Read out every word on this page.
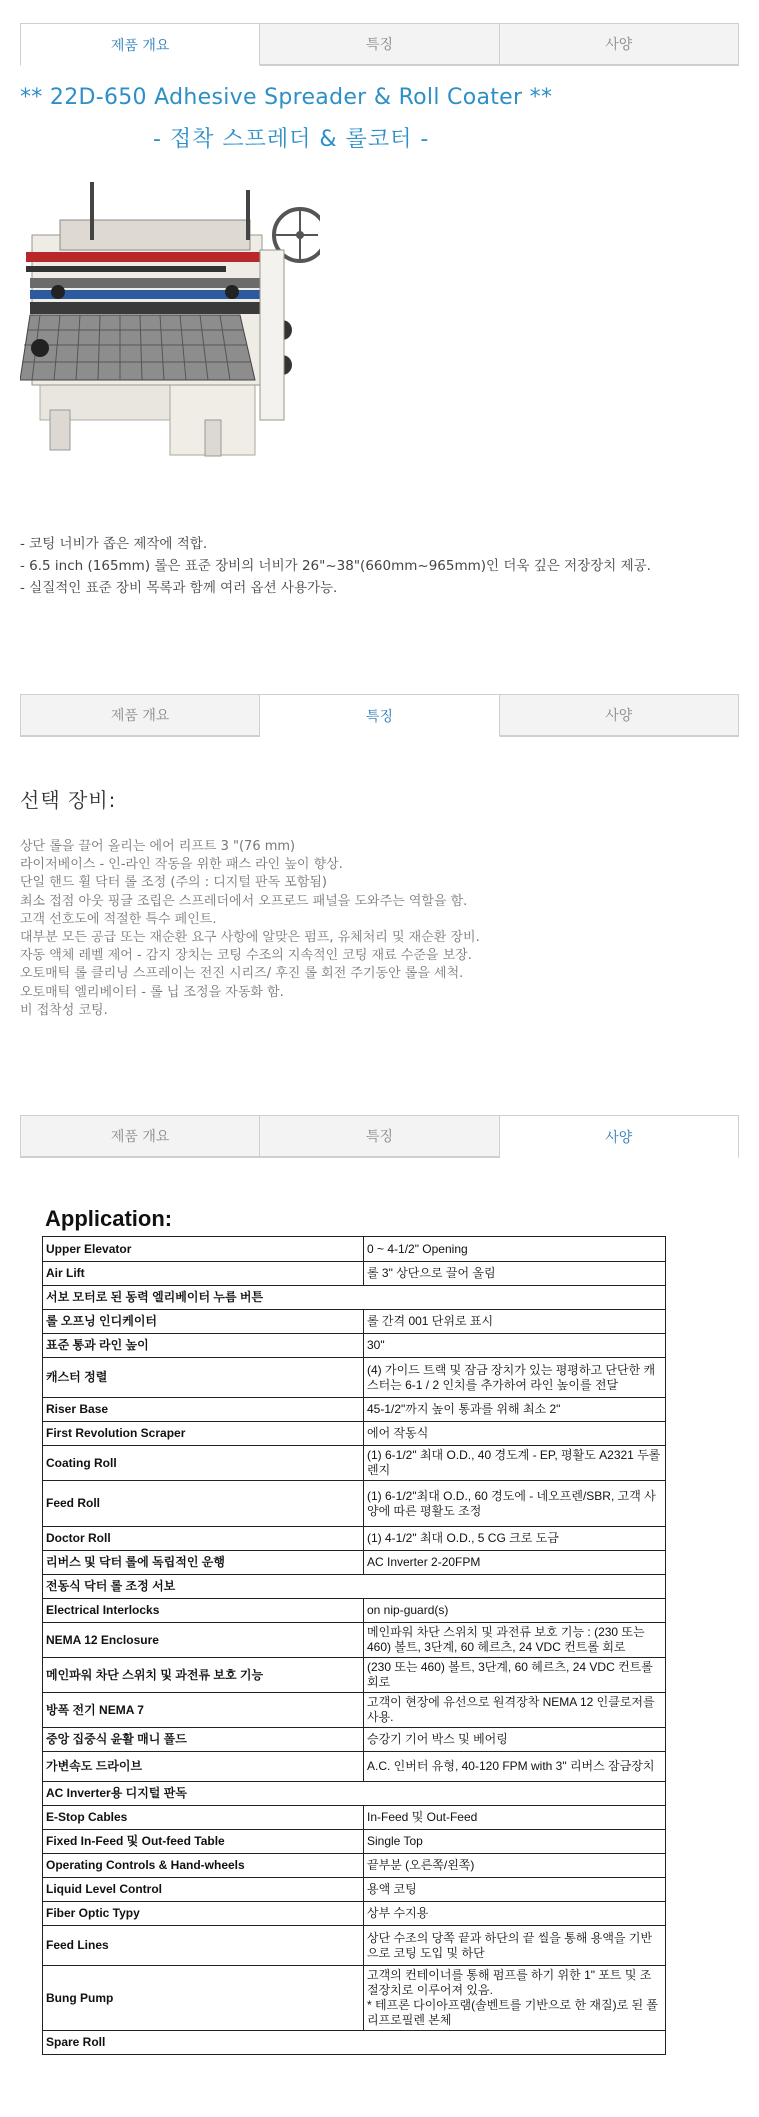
제품 개요	특징	사양
** 22D-650 Adhesive Spreader & Roll Coater **
- 접착 스프레더 & 롤코터 -
- 코팅 너비가 좁은 제작에 적합.
- 6.5 inch (165mm) 롤은 표준 장비의 너비가 26"~38"(660mm~965mm)인 더욱 깊은 저장장치 제공.
- 실질적인 표준 장비 목록과 함께 여러 옵션 사용가능.
제품 개요	특징	사양
선택 장비:
상단 롤을 끌어 올리는 에어 리프트 3 "(76 mm)
라이저베이스 - 인-라인 작동을 위한 패스 라인 높이 향상.
단일 핸드 휠 닥터 롤 조정 (주의 : 디지털 판독 포함됨)
최소 접점 아웃 핑글 조립은 스프레더에서 오프로드 패널을 도와주는 역할을 함.
고객 선호도에 적절한 특수 페인트.
대부분 모든 공급 또는 재순환 요구 사항에 알맞은 펌프, 유체처리 및 재순환 장비.
자동 액체 레벨 제어 - 감지 장치는 코팅 수조의 지속적인 코팅 재료 수준을 보장.
오토매틱 롤 클리닝 스프레이는 전진 시리즈/ 후진 롤 회전 주기동안 롤을 세척.
오토매틱 엘리베이터 - 롤 닙 조정을 자동화 함.
비 접착성 코팅.
제품 개요	특징	사양
Application:
Upper Elevator	0 ~ 4-1/2" Opening
Air Lift	롤 3" 상단으로 끌어 올림
서보 모터로 된 동력 엘리베이터 누름 버튼	
롤 오프닝 인디케이터	롤 간격 001 단위로 표시
표준 통과 라인 높이	30"
캐스터 정렬	(4) 가이드 트랙 및 잠금 장치가 있는 평평하고 단단한 캐스터는 6-1 / 2 인치를 추가하여 라인 높이를 전달
Riser Base	45-1/2"까지 높이 통과를 위해 최소 2"
First Revolution Scraper	에어 작동식
Coating Roll	(1) 6-1/2" 최대 O.D., 40 경도계 - EP, 평활도 A2321 두롤렌지
Feed Roll	(1) 6-1/2"최대 O.D., 60 경도에 - 네오프렌/SBR, 고객 사양에 따른 평활도 조정
Doctor Roll	(1) 4-1/2" 최대 O.D., 5 CG 크로 도금
리버스 및 닥터 롤에 독립적인 운행	AC Inverter 2-20FPM
전동식 닥터 롤 조정 서보	
Electrical Interlocks	on nip-guard(s)
NEMA 12 Enclosure	메인파워 차단 스위치 및 과전류 보호 기능 : (230 또는 460) 볼트, 3단계, 60 헤르츠, 24 VDC 컨트롤 회로
메인파워 차단 스위치 및 과전류 보호 기능	(230 또는 460) 볼트, 3단계, 60 헤르츠, 24 VDC 컨트롤 회로
방폭 전기 NEMA 7	고객이 현장에 유선으로 원격장착 NEMA 12 인클로저를 사용.
중앙 집중식 윤활 매니 폴드	승강기 기어 박스 및 베어링
가변속도 드라이브	A.C. 인버터 유형, 40-120 FPM with 3" 리버스 잠금장치
AC Inverter용 디지털 판독	
E-Stop Cables	In-Feed 및 Out-Feed
Fixed In-Feed 및 Out-feed Table	Single Top
Operating Controls & Hand-wheels	끝부분 (오른쪽/왼쪽)
Liquid Level Control	용액 코팅
Fiber Optic Typy	상부 수지용
Feed Lines	상단 수조의 당쪽 끝과 하단의 끝 씰을 통해 용액을 기반으로 코팅 도입 및 하단
Bung Pump	고객의 컨테이너를 통해 펌프를 하기 위한 1" 포트 및 조절장치로 이루어져 있음.
* 테프론 다이아프램(솔벤트를 기반으로 한 재질)로 된 폴리프로필렌 본체
Spare Roll	
